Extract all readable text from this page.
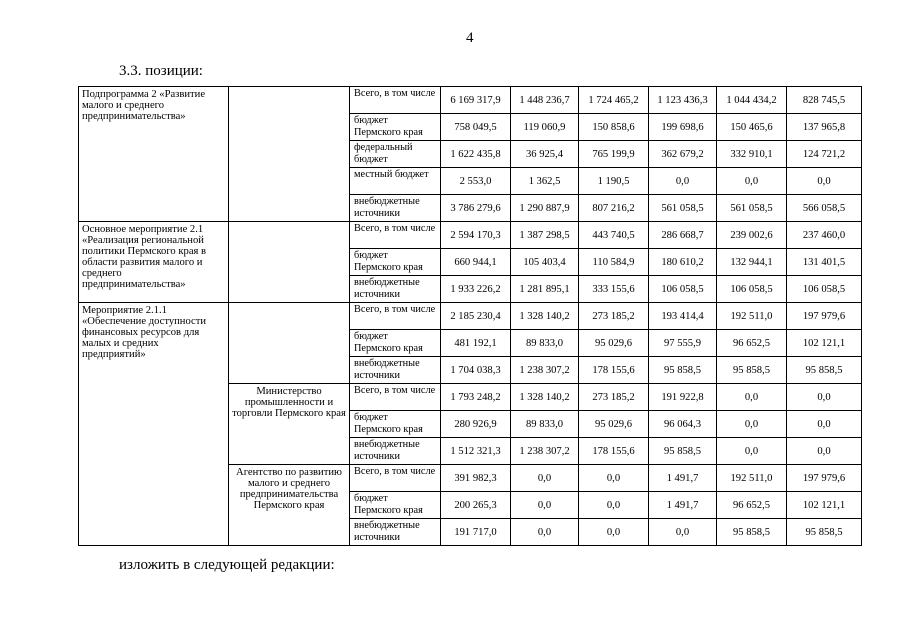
4
3.3. позиции:
Подпрограмма 2 «Развитие малого и среднего предпринимательства»		Всего, в том числе	6 169 317,9	1 448 236,7	1 724 465,2	1 123 436,3	1 044 434,2	828 745,5
		бюджет Пермского края	758 049,5	119 060,9	150 858,6	199 698,6	150 465,6	137 965,8
		федеральный бюджет	1 622 435,8	36 925,4	765 199,9	362 679,2	332 910,1	124 721,2
		местный бюджет	2 553,0	1 362,5	1 190,5	0,0	0,0	0,0
		внебюджетные источники	3 786 279,6	1 290 887,9	807 216,2	561 058,5	561 058,5	566 058,5
Основное мероприятие 2.1 «Реализация региональной политики Пермского края в области развития малого и среднего предпринимательства»		Всего, в том числе	2 594 170,3	1 387 298,5	443 740,5	286 668,7	239 002,6	237 460,0
		бюджет Пермского края	660 944,1	105 403,4	110 584,9	180 610,2	132 944,1	131 401,5
		внебюджетные источники	1 933 226,2	1 281 895,1	333 155,6	106 058,5	106 058,5	106 058,5
Мероприятие 2.1.1 «Обеспечение доступности финансовых ресурсов для малых и средних предприятий»		Всего, в том числе	2 185 230,4	1 328 140,2	273 185,2	193 414,4	192 511,0	197 979,6
		бюджет Пермского края	481 192,1	89 833,0	95 029,6	97 555,9	96 652,5	102 121,1
		внебюджетные источники	1 704 038,3	1 238 307,2	178 155,6	95 858,5	95 858,5	95 858,5
	Министерство промышленности и торговли Пермского края	Всего, в том числе	1 793 248,2	1 328 140,2	273 185,2	191 922,8	0,0	0,0
		бюджет Пермского края	280 926,9	89 833,0	95 029,6	96 064,3	0,0	0,0
		внебюджетные источники	1 512 321,3	1 238 307,2	178 155,6	95 858,5	0,0	0,0
	Агентство по развитию малого и среднего предпринимательства Пермского края	Всего, в том числе	391 982,3	0,0	0,0	1 491,7	192 511,0	197 979,6
		бюджет Пермского края	200 265,3	0,0	0,0	1 491,7	96 652,5	102 121,1
		внебюджетные источники	191 717,0	0,0	0,0	0,0	95 858,5	95 858,5
изложить в следующей редакции:
